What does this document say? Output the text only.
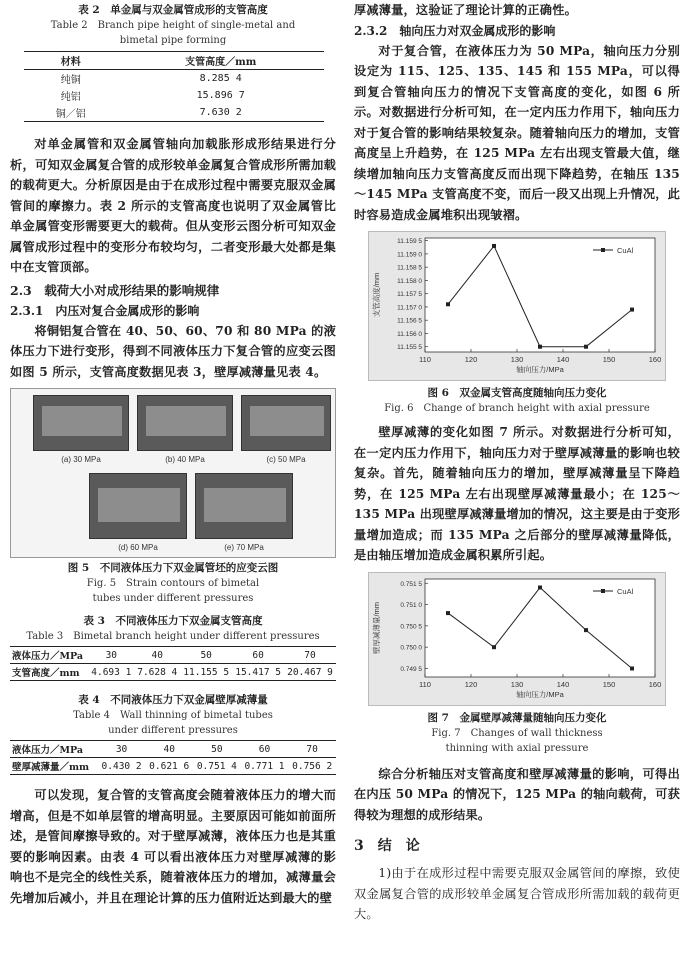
表 2　单金属与双金属管成形的支管高度
Table 2　Branch pipe height of single-metal and bimetal pipe forming
材料	支管高度／mm
纯铜	8.285 4
纯铝	15.896 7
铜／铝	7.630 2
对单金属管和双金属管轴向加载胀形成形结果进行分析，可知双金属复合管的成形较单金属复合管成形所需加载的载荷更大。分析原因是由于在成形过程中需要克服双金属管间的摩擦力。表 2 所示的支管高度也说明了双金属管比单金属管变形需要更大的载荷。但从变形云图分析可知双金属管成形过程中的变形分布较均匀，二者变形最大处都是集中在支管顶部。
2.3　载荷大小对成形结果的影响规律
2.3.1　内压对复合金属成形的影响
将铜铝复合管在 40、50、60、70 和 80 MPa 的液体压力下进行变形，得到不同液体压力下复合管的应变云图如图 5 所示，支管高度数据见表 3，壁厚减薄量见表 4。
(a) 30 MPa	(b) 40 MPa	(c) 50 MPa
(d) 60 MPa	(e) 70 MPa
图 5　不同液体压力下双金属管坯的应变云图
Fig. 5　Strain contours of bimetal tubes under different pressures
表 3　不同液体压力下双金属支管高度
Table 3　Bimetal branch height under different pressures
液体压力／MPa	30	40	50	60	70
支管高度／mm	4.693 1	7.628 4	11.155 5	15.417 5	20.467 9
表 4　不同液体压力下双金属壁厚减薄量
Table 4　Wall thinning of bimetal tubes under different pressures
液体压力／MPa	30	40	50	60	70
壁厚减薄量／mm	0.430 2	0.621 6	0.751 4	0.771 1	0.756 2
可以发现，复合管的支管高度会随着液体压力的增大而增高，但是不如单层管的增高明显。主要原因可能如前面所述，是管间摩擦导致的。对于壁厚减薄，液体压力也是其重要的影响因素。由表 4 可以看出液体压力对壁厚减薄的影响也不是完全的线性关系，随着液体压力的增加，减薄量会先增加后减小，并且在理论计算的压力值附近达到最大的壁
厚减薄量，这验证了理论计算的正确性。
2.3.2　轴向压力对双金属成形的影响
对于复合管，在液体压力为 50 MPa，轴向压力分别设定为 115、125、135、145 和 155 MPa，可以得到复合管轴向压力的情况下支管高度的变化，如图 6 所示。对数据进行分析可知，在一定内压力作用下，轴向压力对于复合管的影响结果较复杂。随着轴向压力的增加，支管高度呈上升趋势，在 125 MPa 左右出现支管最大值，继续增加轴向压力支管高度反而出现下降趋势，在轴压 135～145 MPa 支管高度不变，而后一段又出现上升情况，此时容易造成金属堆积出现皱褶。
110	120	130	140	150	160
11.155 5
11.156 0
11.156 5
11.157 0
11.157 5
11.158 0
11.158 5
11.159 0
11.159 5
轴向压力/MPa
支管高度/mm
CuAl
图 6　双金属支管高度随轴向压力变化
Fig. 6　Change of branch height with axial pressure
壁厚减薄的变化如图 7 所示。对数据进行分析可知，在一定内压力作用下，轴向压力对于壁厚减薄量的影响也较复杂。首先，随着轴向压力的增加，壁厚减薄量呈下降趋势，在 125 MPa 左右出现壁厚减薄量最小；在 125～135 MPa 出现壁厚减薄量增加的情况，这主要是由于变形量增加造成；而 135 MPa 之后部分的壁厚减薄量降低，是由轴压增加造成金属积累所引起。
110	120	130	140	150	160
0.749 5
0.750 0
0.750 5
0.751 0
0.751 5
轴向压力/MPa
壁厚减薄量/mm
CuAl
图 7　金属壁厚减薄量随轴向压力变化
Fig. 7　Changes of wall thickness thinning with axial pressure
综合分析轴压对支管高度和壁厚减薄量的影响，可得出在内压 50 MPa 的情况下，125 MPa 的轴向载荷，可获得较为理想的成形结果。
3　结　论
1)由于在成形过程中需要克服双金属管间的摩擦，致使双金属复合管的成形较单金属复合管成形所需加载的载荷更大。
